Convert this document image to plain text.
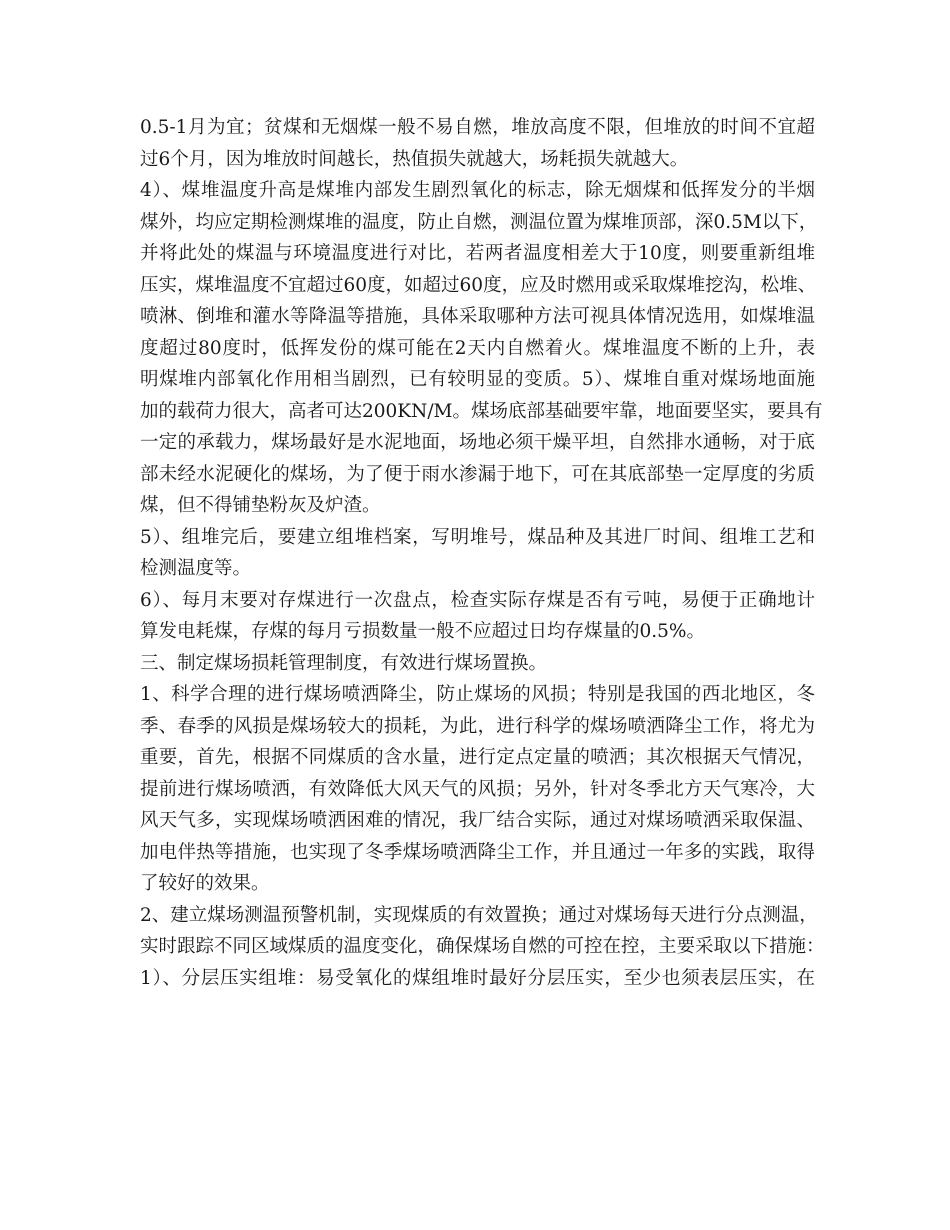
0.5-1月为宜；贫煤和无烟煤一般不易自燃，堆放高度不限，但堆放的时间不宜超
过6个月，因为堆放时间越长，热值损失就越大，场耗损失就越大。
4）、煤堆温度升高是煤堆内部发生剧烈氧化的标志，除无烟煤和低挥发分的半烟
煤外，均应定期检测煤堆的温度，防止自燃，测温位置为煤堆顶部，深0.5M以下，
并将此处的煤温与环境温度进行对比，若两者温度相差大于10度，则要重新组堆
压实，煤堆温度不宜超过60度，如超过60度，应及时燃用或采取煤堆挖沟，松堆、
喷淋、倒堆和灌水等降温等措施，具体采取哪种方法可视具体情况选用，如煤堆温
度超过80度时，低挥发份的煤可能在2天内自燃着火。煤堆温度不断的上升，表
明煤堆内部氧化作用相当剧烈，已有较明显的变质。5）、煤堆自重对煤场地面施
加的载荷力很大，高者可达200KN/M。煤场底部基础要牢靠，地面要坚实，要具有
一定的承载力，煤场最好是水泥地面，场地必须干燥平坦，自然排水通畅，对于底
部未经水泥硬化的煤场，为了便于雨水渗漏于地下，可在其底部垫一定厚度的劣质
煤，但不得铺垫粉灰及炉渣。
5）、组堆完后，要建立组堆档案，写明堆号，煤品种及其进厂时间、组堆工艺和
检测温度等。
6）、每月末要对存煤进行一次盘点，检查实际存煤是否有亏吨，易便于正确地计
算发电耗煤，存煤的每月亏损数量一般不应超过日均存煤量的0.5%。
三、制定煤场损耗管理制度，有效进行煤场置换。
1、科学合理的进行煤场喷洒降尘，防止煤场的风损；特别是我国的西北地区，冬
季、春季的风损是煤场较大的损耗，为此，进行科学的煤场喷洒降尘工作，将尤为
重要，首先，根据不同煤质的含水量，进行定点定量的喷洒；其次根据天气情况，
提前进行煤场喷洒，有效降低大风天气的风损；另外，针对冬季北方天气寒冷，大
风天气多，实现煤场喷洒困难的情况，我厂结合实际，通过对煤场喷洒采取保温、
加电伴热等措施，也实现了冬季煤场喷洒降尘工作，并且通过一年多的实践，取得
了较好的效果。
2、建立煤场测温预警机制，实现煤质的有效置换；通过对煤场每天进行分点测温，
实时跟踪不同区域煤质的温度变化，确保煤场自燃的可控在控，主要采取以下措施：
1）、分层压实组堆：易受氧化的煤组堆时最好分层压实，至少也须表层压实，在
